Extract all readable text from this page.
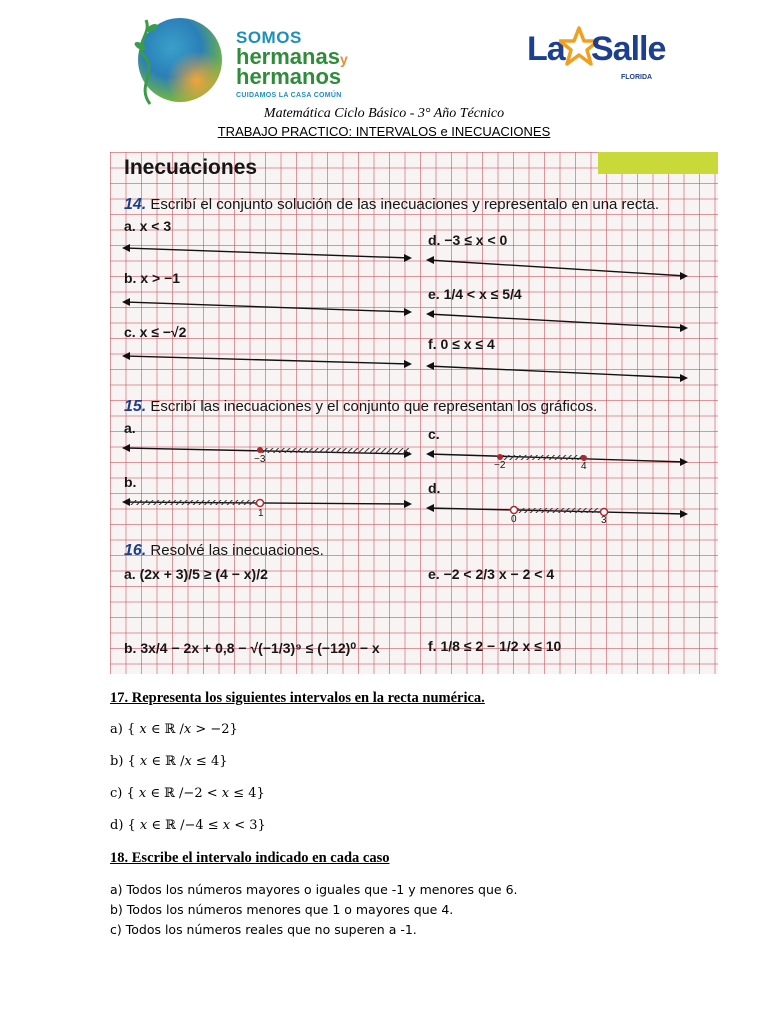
SOMOS
hermanasy
hermanos
CUIDAMOS LA CASA COMÚN
La Salle
FLORIDA
Matemática Ciclo Básico - 3° Año Técnico
TRABAJO PRACTICO: INTERVALOS e INECUACIONES
Inecuaciones
14. Escribí el conjunto solución de las inecuaciones y representalo en una recta.
a. x < 3
b. x > −1
c. x ≤ −√2
d. −3 ≤ x < 0
e. 1/4 < x ≤ 5/4
f. 0 ≤ x ≤ 4
15. Escribí las inecuaciones y el conjunto que representan los gráficos.
a.
−3
b.
1
c.
−2	4
d.
0	3
16. Resolvé las inecuaciones.
a. (2x + 3)/5 ≥ (4 − x)/2
b. 3x/4 − 2x + 0,8 − √(−1/3)⁹ ≤ (−12)⁰ − x
e. −2 < 2/3 x − 2 < 4
f. 1/8 ≤ 2 − 1/2 x ≤ 10
17. Representa los siguientes intervalos en la recta numérica.
a) { 𝑥 ∈ ℝ /𝑥 > −2}
b) { 𝑥 ∈ ℝ /𝑥 ≤ 4}
c) { 𝑥 ∈ ℝ /−2 < 𝑥 ≤ 4}
d) { 𝑥 ∈ ℝ /−4 ≤ 𝑥 < 3}
18. Escribe el intervalo indicado en cada caso
a) Todos los números mayores o iguales que -1 y menores que 6.
b) Todos los números menores que 1 o mayores que 4.
c) Todos los números reales que no superen a -1.
